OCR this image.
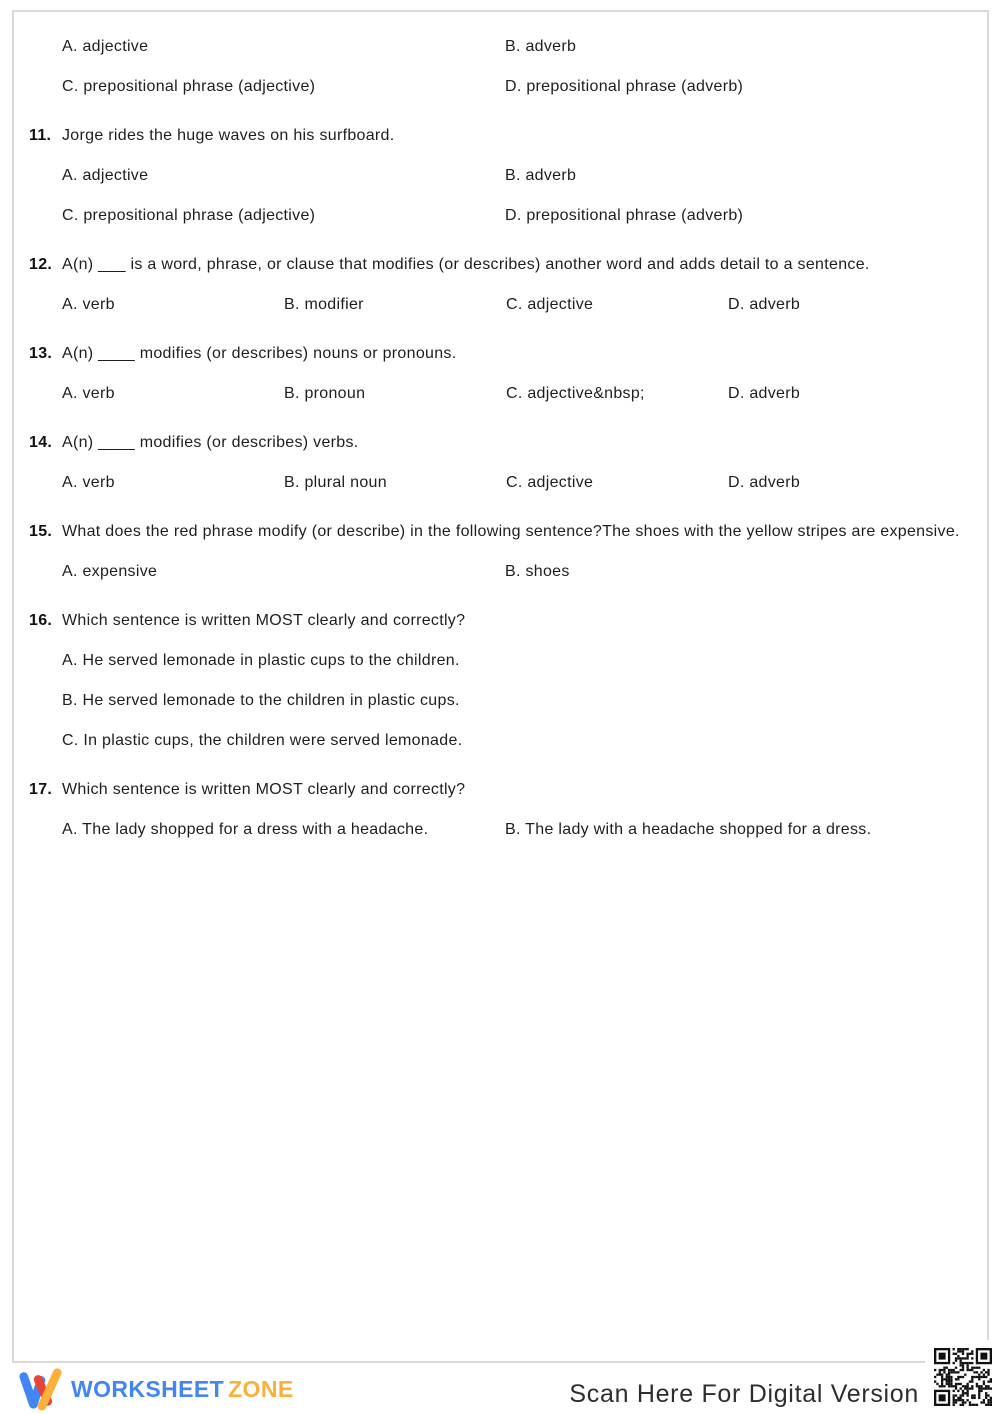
A. adjective	B. adverb
C. prepositional phrase (adjective)	D. prepositional phrase (adverb)
11. Jorge rides the huge waves on his surfboard.
A. adjective	B. adverb
C. prepositional phrase (adjective)	D. prepositional phrase (adverb)
12. A(n) ___ is a word, phrase, or clause that modifies (or describes) another word and adds detail to a sentence.
A. verb	B. modifier	C. adjective	D. adverb
13. A(n) ____ modifies (or describes) nouns or pronouns.
A. verb	B. pronoun	C. adjective&nbsp;	D. adverb
14. A(n) ____ modifies (or describes) verbs.
A. verb	B. plural noun	C. adjective	D. adverb
15. What does the red phrase modify (or describe) in the following sentence?The shoes with the yellow stripes are expensive.
A. expensive	B. shoes
16. Which sentence is written MOST clearly and correctly?
A. He served lemonade in plastic cups to the children.
B. He served lemonade to the children in plastic cups.
C. In plastic cups, the children were served lemonade.
17. Which sentence is written MOST clearly and correctly?
A. The lady shopped for a dress with a headache.	B. The lady with a headache shopped for a dress.
WORKSHEET ZONE	Scan Here For Digital Version
